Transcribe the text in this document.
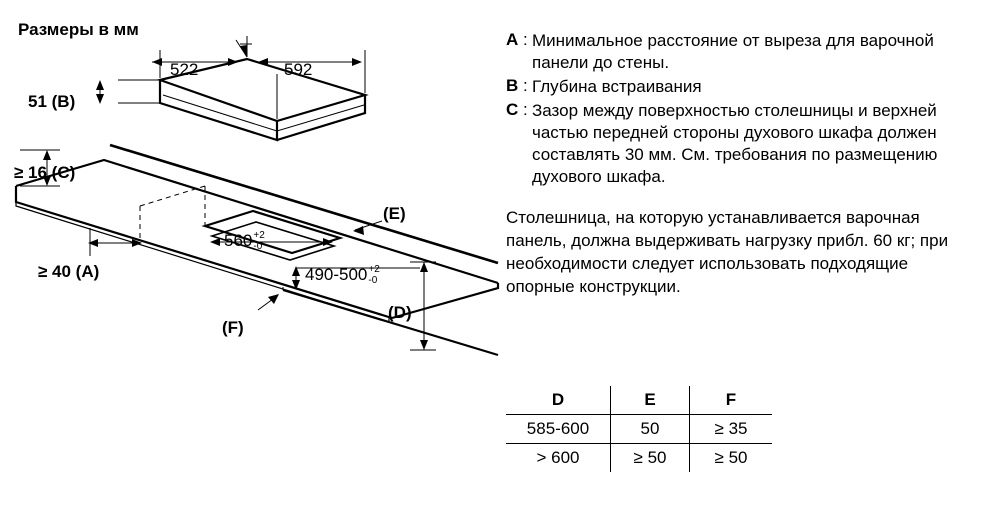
Размеры в мм
522	592
51 (B)
≥ 16 (C)
≥ 40 (A)
560 +2
-0
490-500 +2
-0
(E)
(F)
(D)
A : Минимальное расстояние от выреза для варочной панели до стены.
B : Глубина встраивания
C : Зазор между поверхностью столешницы и верхней частью передней стороны духового шкафа должен составлять 30 мм. См. требования по размещению духового шкафа.
Столешница, на которую устанавливается варочная панель, должна выдерживать нагрузку прибл. 60 кг; при необходимости следует использовать подходящие опорные конструкции.
D	E	F
585-600	50	≥ 35
> 600	≥ 50	≥ 50
